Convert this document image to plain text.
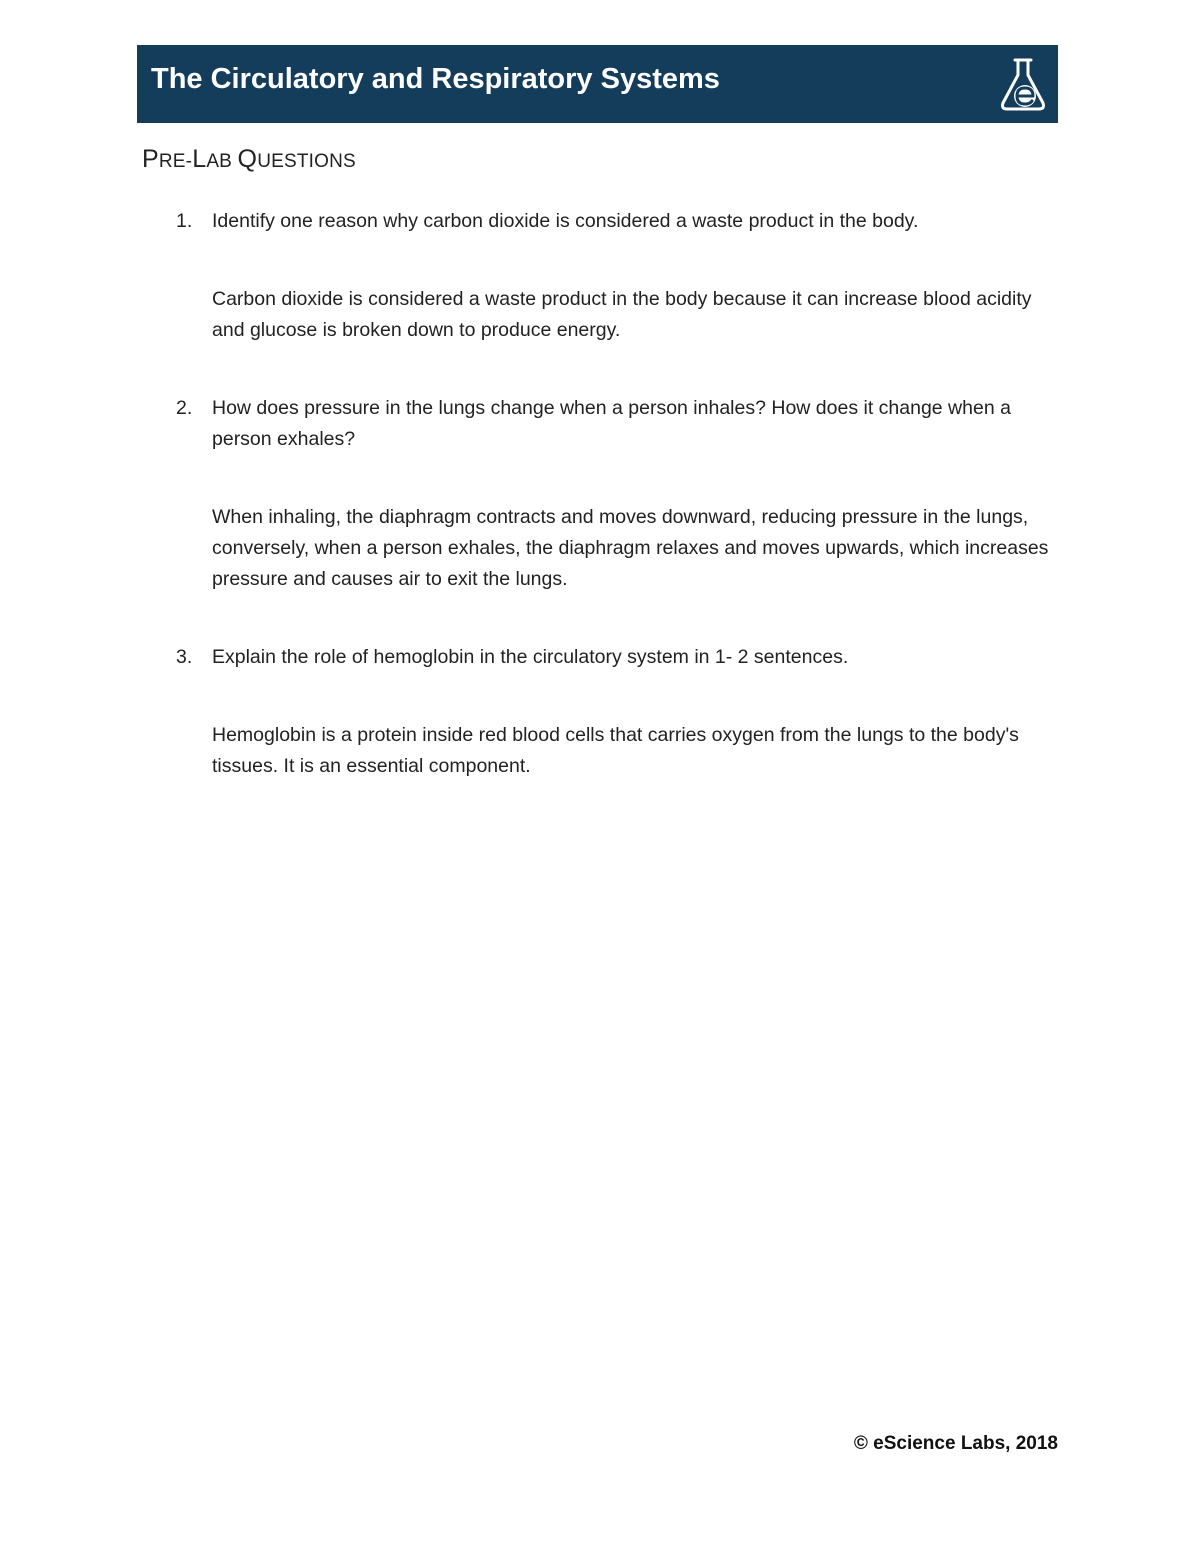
The Circulatory and Respiratory Systems
PRE-LAB QUESTIONS
1.	Identify one reason why carbon dioxide is considered a waste product in the body.
Carbon dioxide is considered a waste product in the body because it can increase blood acidity and glucose is broken down to produce energy.
2.	How does pressure in the lungs change when a person inhales? How does it change when a person exhales?
When inhaling, the diaphragm contracts and moves downward, reducing pressure in the lungs, conversely, when a person exhales, the diaphragm relaxes and moves upwards, which increases pressure and causes air to exit the lungs.
3.	Explain the role of hemoglobin in the circulatory system in 1- 2 sentences.
Hemoglobin is a protein inside red blood cells that carries oxygen from the lungs to the body's tissues. It is an essential component.
© eScience Labs, 2018
